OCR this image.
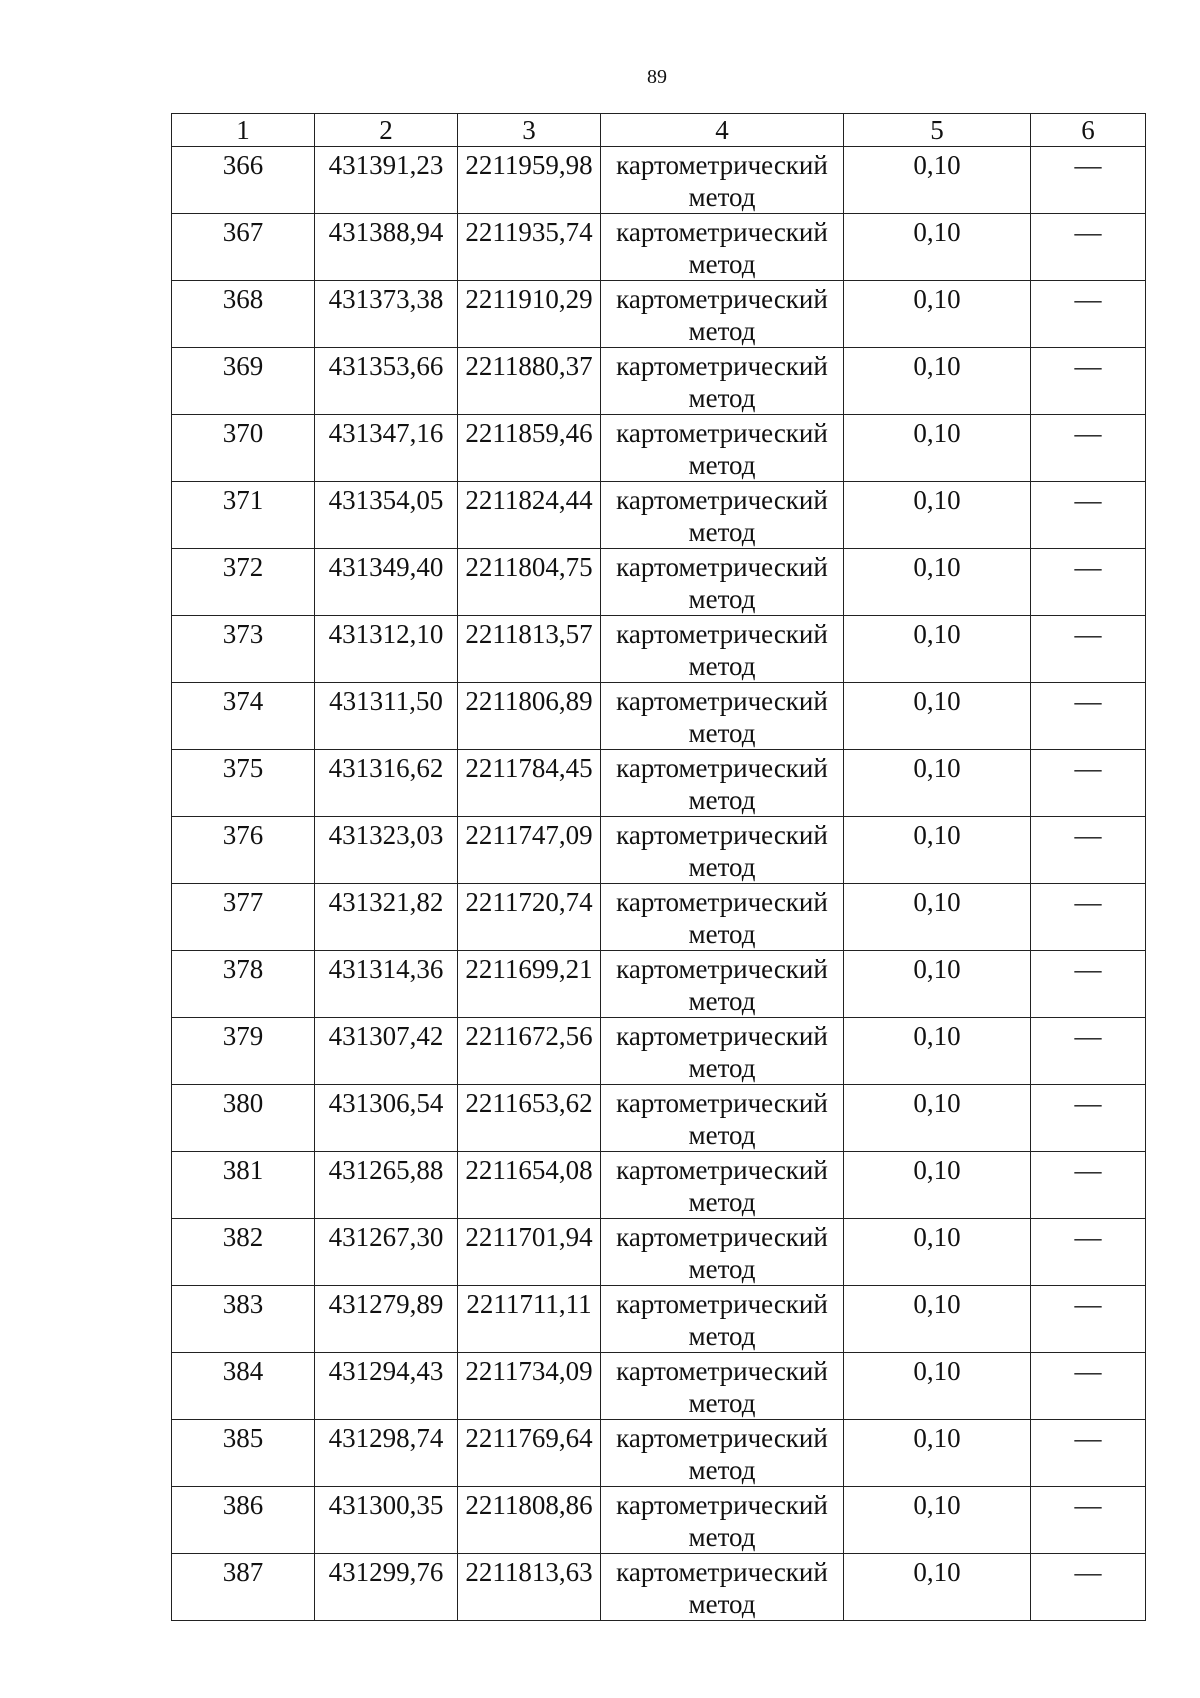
89
1	2	3	4	5	6
366	431391,23	2211959,98	картометрический метод	0,10	—
367	431388,94	2211935,74	картометрический метод	0,10	—
368	431373,38	2211910,29	картометрический метод	0,10	—
369	431353,66	2211880,37	картометрический метод	0,10	—
370	431347,16	2211859,46	картометрический метод	0,10	—
371	431354,05	2211824,44	картометрический метод	0,10	—
372	431349,40	2211804,75	картометрический метод	0,10	—
373	431312,10	2211813,57	картометрический метод	0,10	—
374	431311,50	2211806,89	картометрический метод	0,10	—
375	431316,62	2211784,45	картометрический метод	0,10	—
376	431323,03	2211747,09	картометрический метод	0,10	—
377	431321,82	2211720,74	картометрический метод	0,10	—
378	431314,36	2211699,21	картометрический метод	0,10	—
379	431307,42	2211672,56	картометрический метод	0,10	—
380	431306,54	2211653,62	картометрический метод	0,10	—
381	431265,88	2211654,08	картометрический метод	0,10	—
382	431267,30	2211701,94	картометрический метод	0,10	—
383	431279,89	2211711,11	картометрический метод	0,10	—
384	431294,43	2211734,09	картометрический метод	0,10	—
385	431298,74	2211769,64	картометрический метод	0,10	—
386	431300,35	2211808,86	картометрический метод	0,10	—
387	431299,76	2211813,63	картометрический метод	0,10	—
